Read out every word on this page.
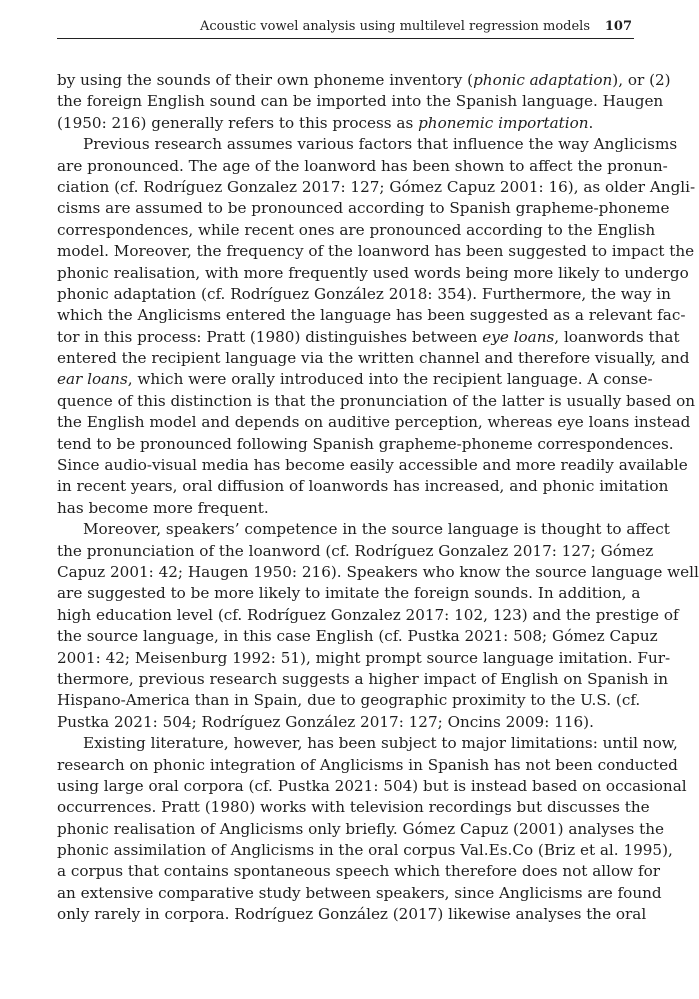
Acoustic vowel analysis using multilevel regression models 107
by using the sounds of their own phoneme inventory (phonic adaptation), or (2)
the foreign English sound can be imported into the Spanish language. Haugen
(1950: 216) generally refers to this process as phonemic importation.
Previous research assumes various factors that influence the way Anglicisms
are pronounced. The age of the loanword has been shown to affect the pronun-
ciation (cf. Rodríguez Gonzalez 2017: 127; Gómez Capuz 2001: 16), as older Angli-
cisms are assumed to be pronounced according to Spanish grapheme-phoneme
correspondences, while recent ones are pronounced according to the English
model. Moreover, the frequency of the loanword has been suggested to impact the
phonic realisation, with more frequently used words being more likely to undergo
phonic adaptation (cf. Rodríguez González 2018: 354). Furthermore, the way in
which the Anglicisms entered the language has been suggested as a relevant fac-
tor in this process: Pratt (1980) distinguishes between eye loans, loanwords that
entered the recipient language via the written channel and therefore visually, and
ear loans, which were orally introduced into the recipient language. A conse-
quence of this distinction is that the pronunciation of the latter is usually based on
the English model and depends on auditive perception, whereas eye loans instead
tend to be pronounced following Spanish grapheme-phoneme correspondences.
Since audio-visual media has become easily accessible and more readily available
in recent years, oral diffusion of loanwords has increased, and phonic imitation
has become more frequent.
Moreover, speakers’ competence in the source language is thought to affect
the pronunciation of the loanword (cf. Rodríguez Gonzalez 2017: 127; Gómez
Capuz 2001: 42; Haugen 1950: 216). Speakers who know the source language well
are suggested to be more likely to imitate the foreign sounds. In addition, a
high education level (cf. Rodríguez Gonzalez 2017: 102, 123) and the prestige of
the source language, in this case English (cf. Pustka 2021: 508; Gómez Capuz
2001: 42; Meisenburg 1992: 51), might prompt source language imitation. Fur-
thermore, previous research suggests a higher impact of English on Spanish in
Hispano-America than in Spain, due to geographic proximity to the U.S. (cf.
Pustka 2021: 504; Rodríguez González 2017: 127; Oncins 2009: 116).
Existing literature, however, has been subject to major limitations: until now,
research on phonic integration of Anglicisms in Spanish has not been conducted
using large oral corpora (cf. Pustka 2021: 504) but is instead based on occasional
occurrences. Pratt (1980) works with television recordings but discusses the
phonic realisation of Anglicisms only briefly. Gómez Capuz (2001) analyses the
phonic assimilation of Anglicisms in the oral corpus Val.Es.Co (Briz et al. 1995),
a corpus that contains spontaneous speech which therefore does not allow for
an extensive comparative study between speakers, since Anglicisms are found
only rarely in corpora. Rodríguez González (2017) likewise analyses the oral
